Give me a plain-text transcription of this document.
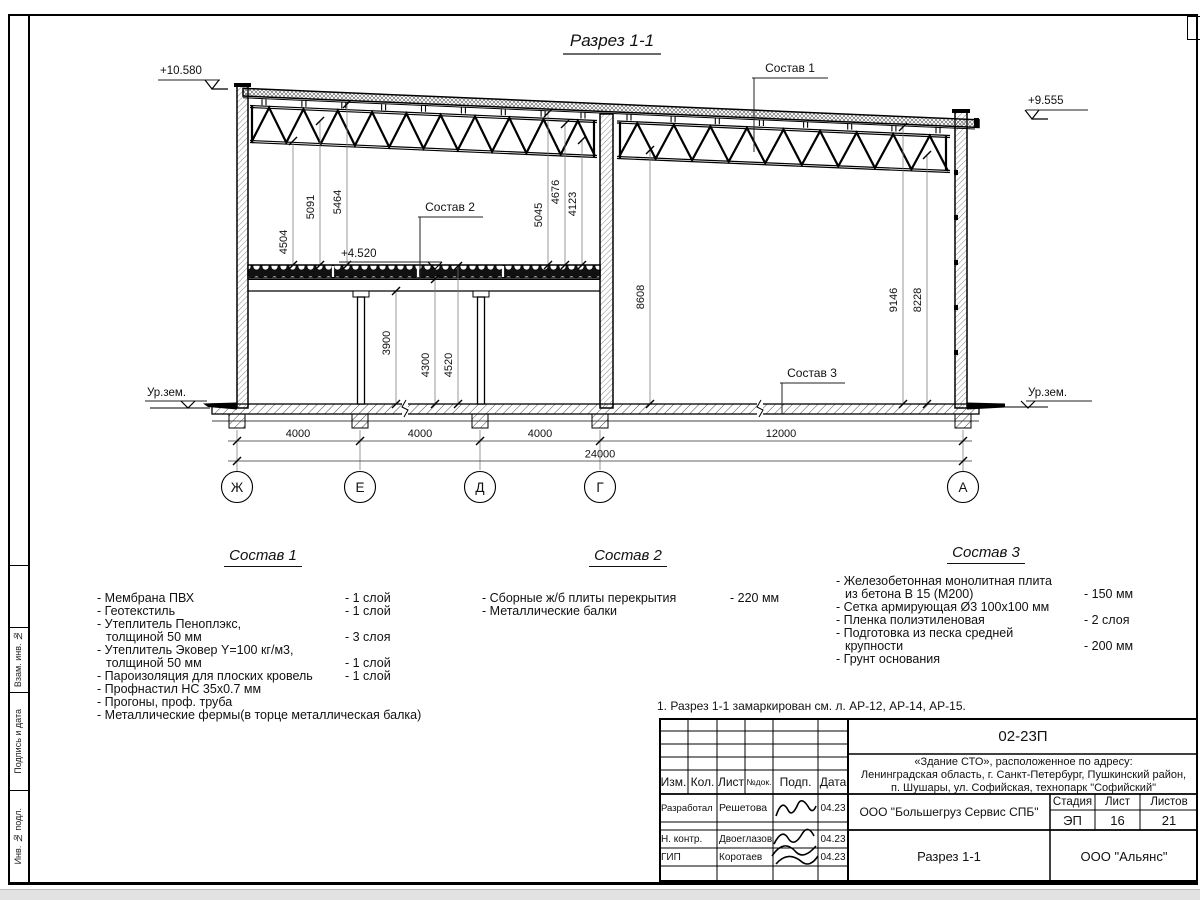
Взам. инв. №
Подпись и дата
Инв. № подл.
Разрез 1-1
4504
5091 5464
5045
4676 4123
8608
3900
4300 4520
9146 8228
4000	4000	4000	12000
24000
Ж	Е	Д	Г	А
Состав 1
Состав 2
Состав 3
+10.580
+9.555
+4.520
Ур.зем.	Ур.зем.
Состав 1
- Мембрана ПВХ	- 1 слой
- Геотекстиль	- 1 слой
- Утеплитель Пеноплэкс,
толщиной 50 мм	- 3 слоя
- Утеплитель Эковер Y=100 кг/м3,
толщиной 50 мм	- 1 слой
- Пароизоляция для плоских кровель	- 1 слой
- Профнастил НС 35х0.7 мм
- Прогоны, проф. труба
- Металлические фермы(в торце металлическая балка)
Состав 2
- Сборные ж/б плиты перекрытия	- 220 мм
- Металлические балки
Состав 3
- Железобетонная монолитная плита
из бетона В 15 (М200)	- 150 мм
- Сетка армирующая Ø3 100х100 мм
- Пленка полиэтиленовая	- 2 слоя
- Подготовка из песка средней
крупности	- 200 мм
- Грунт основания
1. Разрез 1-1 замаркирован см. л. АР-12, АР-14, АР-15.
Изм. Кол. Лист №док. Подп. Дата
Разработал Решетова	04.23
Н. контр.	Двоеглазов	04.23
ГИП	Коротаев	04.23
02-23П
«Здание СТО», расположенное по адресу:
Ленинградская область, г. Санкт-Петербург, Пушкинский район,
п. Шушары, ул. Софийская, технопарк "Софийский"
ООО "Большегруз Сервис СПБ"
Стадия	Лист	Листов
ЭП	16	21
Разрез 1-1	ООО "Альянс"
